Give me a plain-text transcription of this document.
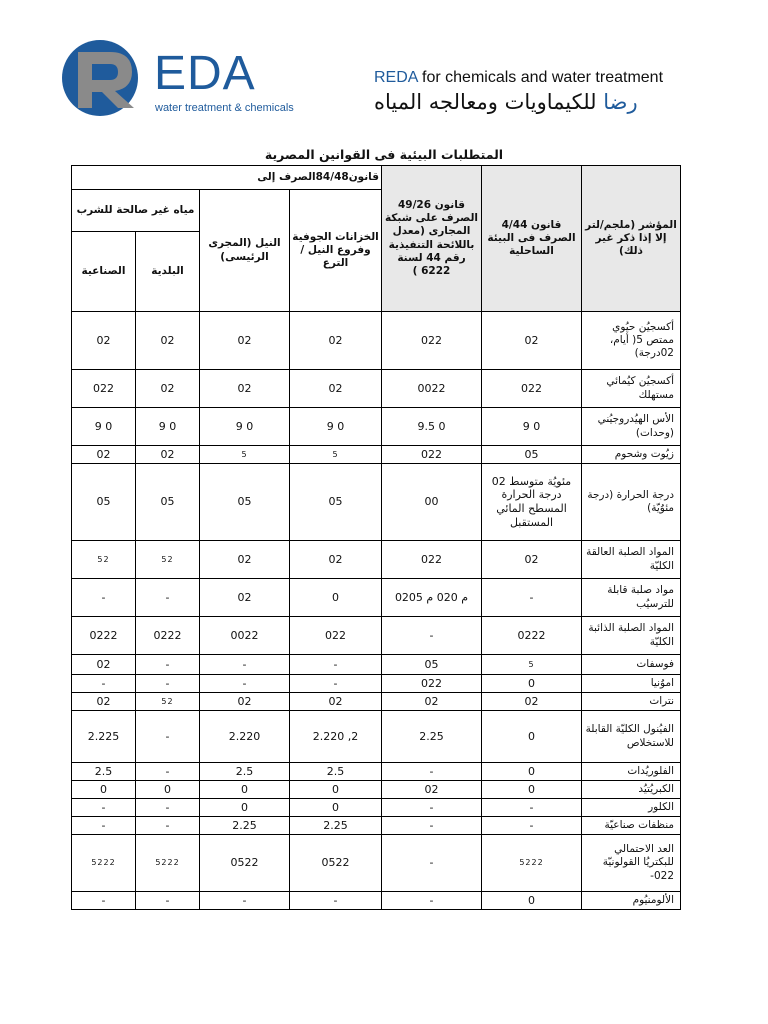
EDA
water treatment & chemicals
REDA for chemicals and water treatment
رضا للكيماويات ومعالجه المياه
المتطلبات البيئية فى القوانين المصرية
قانون84/48الصرف إلى				قانون 49/26 الصرف على شبكة المجارى (معدل باللائحة التنفيذية رقم 44 لسنة 6222 )	قانون 4/44 الصرف فى البيئة الساحلية	المؤشر (ملجم/لتر إلا إذا ذكر غير ذلك)
مياه غير صالحة للشرب		النيل (المجرى الرئيسى)	الخزانات الجوفية وفروع النيل / الترع			
الصناعية	البلدية					
02	02	02	02	022	02	أكسجيُن حيُوي ممتص 5( أيام، 02درجة)
022	02	02	02	0022	022	أكسجيُن كيُمائي مستهلك
9 0	9 0	9 0	9 0	9.5 0	9 0	الأس الهيُدروجيُني (وحدات)
02	02	5	5	022	05	زيُوت وشحوم
05	05	05	05	00	02 مئويُة متوسط درجة الحرارة المسطح المائي المستقبل	درجة الحرارة (درجة مئوُيّة)
52	52	02	02	022	02	المواد الصلبة العالقة الكليّة
-	-	02	0	م 020 م 0205	-	مواد صلبة قابلة للترسيُب
0222	0222	0022	022	-	0222	المواد الصلبة الذائبة الكليّة
02	-	-	-	05	5	فوسفات
-	-	-	-	022	0	اموُنيا
02	52	02	02	02	02	نترات
2.225	-	2.220	2.220 ,2	2.25	0	الفيُنول الكليّة القابلة للاستخلاص
2.5	-	2.5	2.5	-	0	الفلوريُدات
0	0	0	0	02	0	الكبريُتيُد
-	-	0	0	-	-	الكلور
-	-	2.25	2.25	-	-	منظفات صناعيّة
5222	5222	0522	0522	-	5222	العد الاحتمالي للبكتريُا القولونيّة 022-
-	-	-	-	-	0	الألومنيُوم
